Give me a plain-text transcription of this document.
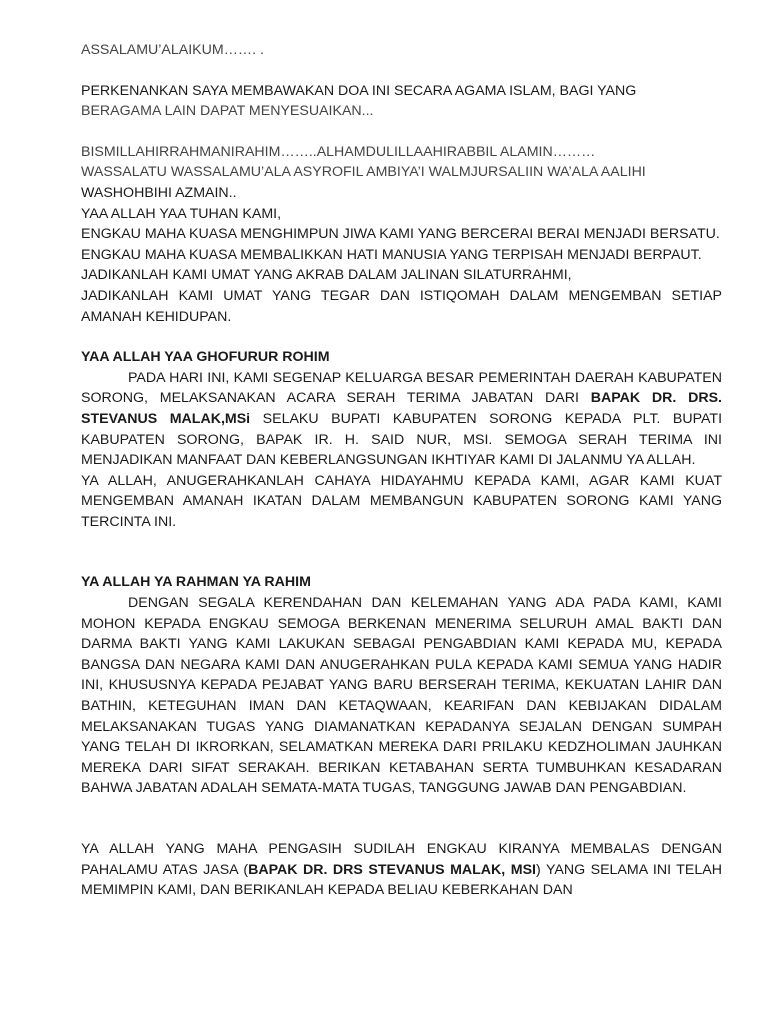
ASSALAMU’ALAIKUM……. .

PERKENANKAN SAYA MEMBAWAKAN DOA INI SECARA AGAMA ISLAM, BAGI YANG

BERAGAMA LAIN DAPAT MENYESUAIKAN...

BISMILLAHIRRAHMANIRAHIM……..ALHAMDULILLAAHIRABBIL ALAMIN………

WASSALATU WASSALAMU’ALA ASYROFIL AMBIYA’I WALMJURSALIIN WA’ALA AALIHI

WASHOHBIHI AZMAIN..

YAA ALLAH YAA TUHAN KAMI,

ENGKAU MAHA KUASA MENGHIMPUN JIWA KAMI YANG BERCERAI BERAI MENJADI BERSATU.

ENGKAU MAHA KUASA MEMBALIKKAN HATI MANUSIA YANG TERPISAH MENJADI BERPAUT.

JADIKANLAH KAMI UMAT YANG AKRAB DALAM JALINAN SILATURRAHMI,

JADIKANLAH KAMI UMAT YANG TEGAR DAN ISTIQOMAH DALAM MENGEMBAN SETIAP AMANAH KEHIDUPAN.

YAA ALLAH YAA GHOFURUR ROHIM

PADA HARI INI, KAMI SEGENAP KELUARGA BESAR PEMERINTAH DAERAH KABUPATEN SORONG, MELAKSANAKAN ACARA SERAH TERIMA JABATAN DARI BAPAK DR. DRS. STEVANUS MALAK,MSi SELAKU BUPATI KABUPATEN SORONG KEPADA PLT. BUPATI KABUPATEN SORONG, BAPAK IR. H. SAID NUR, MSI. SEMOGA SERAH TERIMA INI MENJADIKAN MANFAAT DAN KEBERLANGSUNGAN IKHTIYAR KAMI DI JALANMU YA ALLAH.

YA ALLAH, ANUGERAHKANLAH CAHAYA HIDAYAHMU KEPADA KAMI, AGAR KAMI KUAT MENGEMBAN AMANAH IKATAN DALAM MEMBANGUN KABUPATEN SORONG KAMI YANG TERCINTA INI.

YA ALLAH YA RAHMAN YA RAHIM

DENGAN SEGALA KERENDAHAN DAN KELEMAHAN YANG ADA PADA KAMI, KAMI MOHON KEPADA ENGKAU SEMOGA BERKENAN MENERIMA SELURUH AMAL BAKTI DAN DARMA BAKTI YANG KAMI LAKUKAN SEBAGAI PENGABDIAN KAMI KEPADA MU, KEPADA BANGSA DAN NEGARA KAMI DAN ANUGERAHKAN PULA KEPADA KAMI SEMUA YANG HADIR INI, KHUSUSNYA KEPADA PEJABAT YANG BARU BERSERAH TERIMA, KEKUATAN LAHIR DAN BATHIN, KETEGUHAN IMAN DAN KETAQWAAN, KEARIFAN DAN KEBIJAKAN DIDALAM MELAKSANAKAN TUGAS YANG DIAMANATKAN KEPADANYA SEJALAN DENGAN SUMPAH YANG TELAH DI IKRORKAN, SELAMATKAN MEREKA DARI PRILAKU KEDZHOLIMAN JAUHKAN MEREKA DARI SIFAT SERAKAH. BERIKAN KETABAHAN SERTA TUMBUHKAN KESADARAN BAHWA JABATAN ADALAH SEMATA-MATA TUGAS, TANGGUNG JAWAB DAN PENGABDIAN.

YA ALLAH YANG MAHA PENGASIH SUDILAH ENGKAU KIRANYA MEMBALAS DENGAN PAHALAMU ATAS JASA (BAPAK DR. DRS STEVANUS MALAK, MSI) YANG SELAMA INI TELAH MEMIMPIN KAMI, DAN BERIKANLAH KEPADA BELIAU KEBERKAHAN DAN
